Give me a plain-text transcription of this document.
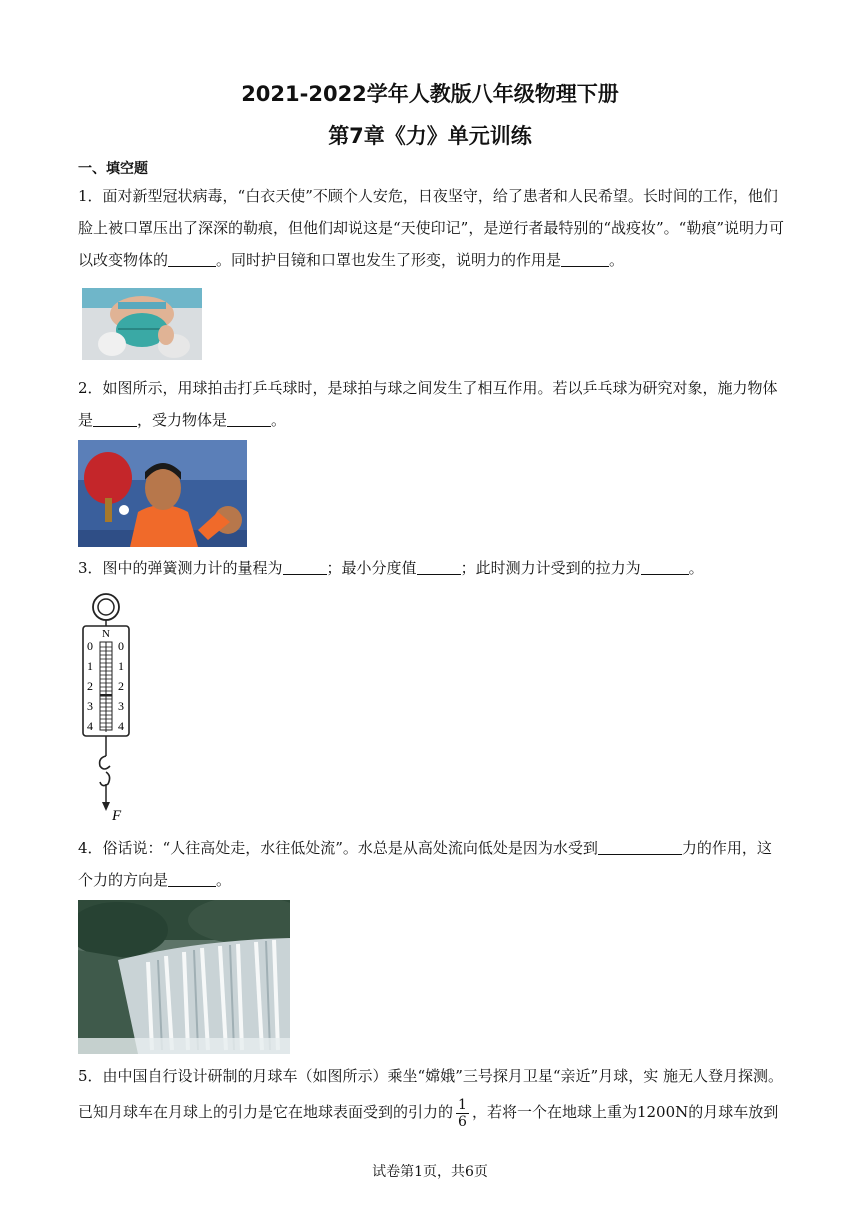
2021-2022学年人教版八年级物理下册
第7章《力》单元训练
一、填空题
1．面对新型冠状病毒，“白衣天使”不顾个人安危，日夜坚守，给了患者和人民希望。长时间的工作，他们
脸上被口罩压出了深深的勒痕，但他们却说这是“天使印记”，是逆行者最特别的“战疫妆”。“勒痕”说明力可
以改变物体的	。同时护目镜和口罩也发生了形变，说明力的作用是	。
2．如图所示，用球拍击打乒乓球时，是球拍与球之间发生了相互作用。若以乒乓球为研究对象，施力物体
是	，受力物体是	。
3．图中的弹簧测力计的量程为	；最小分度值	；此时测力计受到的拉力为	。
N
0
1
2
3
4
0
1
2
3
4
F
4．俗话说：“人往高处走，水往低处流”。水总是从高处流向低处是因为水受到	力的作用，这
个力的方向是	。
5．由中国自行设计研制的月球车（如图所示）乘坐“嫦娥”三号探月卫星“亲近”月球，实 施无人登月探测。
已知月球车在月球上的引力是它在地球表面受到的引力的 $\frac{1}{6}$ ，若将一个在地球上重为1200N的月球车放到
试卷第1页，共6页
